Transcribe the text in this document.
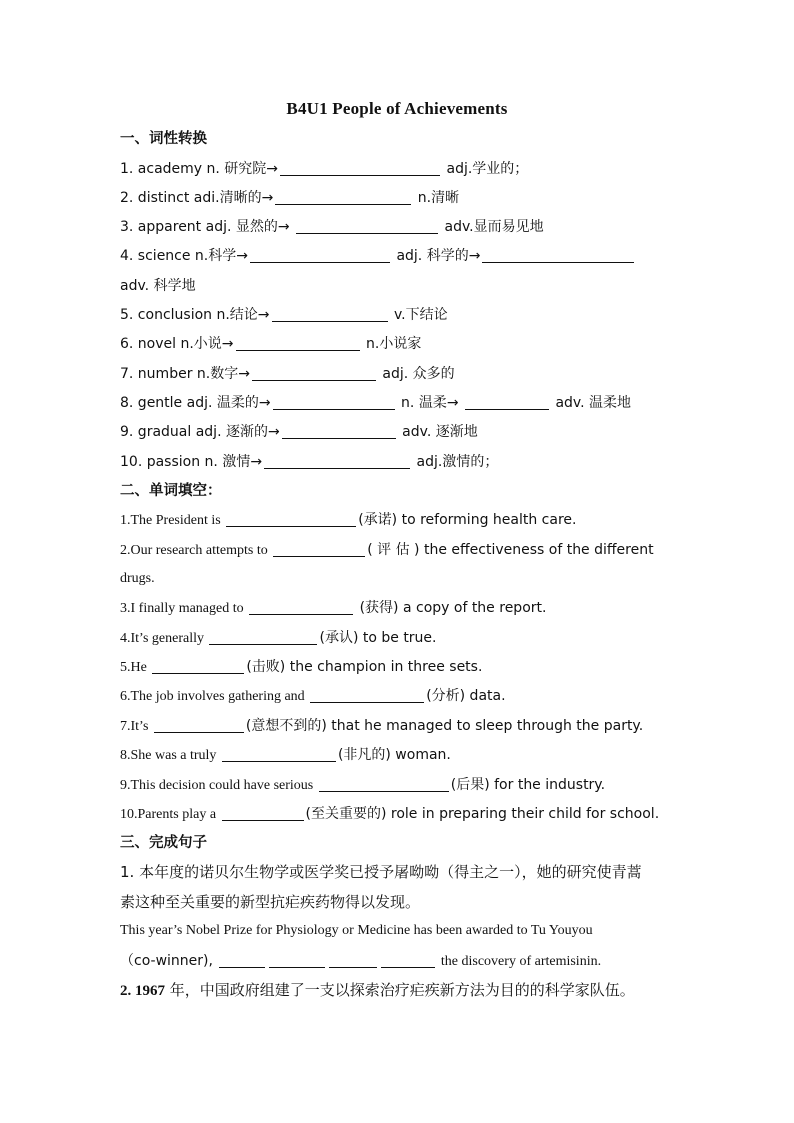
B4U1 People of Achievements
一、词性转换
1. academy n. 研究院→	adj.学业的；
2. distinct adi.清晰的→	n.清晰
3. apparent adj. 显然的→	adv.显而易见地
4. science n.科学→	adj. 科学的→
adv. 科学地
5. conclusion n.结论→	v.下结论
6. novel n.小说→	n.小说家
7. number n.数字→	adj. 众多的
8. gentle adj. 温柔的→	n. 温柔→	adv. 温柔地
9. gradual adj. 逐渐的→	adv. 逐渐地
10. passion n. 激情→	adj.激情的；
二、单词填空：
1.The President is	(承诺) to reforming health care.
2.Our research attempts to	( 评 估 ) the effectiveness of the different
drugs.
3.I finally managed to	(获得) a copy of the report.
4.It’s generally	(承认) to be true.
5.He	(击败) the champion in three sets.
6.The job involves gathering and	(分析) data.
7.It’s	(意想不到的) that he managed to sleep through the party.
8.She was a truly	(非凡的) woman.
9.This decision could have serious	(后果) for the industry.
10.Parents play a	(至关重要的) role in preparing their child for school.
三、完成句子
1. 本年度的诺贝尔生物学或医学奖已授予屠呦呦（得主之一），她的研究使青蒿
素这种至关重要的新型抗疟疾药物得以发现。
This year’s Nobel Prize for Physiology or Medicine has been awarded to Tu Youyou
（co-winner),	the discovery of artemisinin.
2. 1967 年，中国政府组建了一支以探索治疗疟疾新方法为目的的科学家队伍。
